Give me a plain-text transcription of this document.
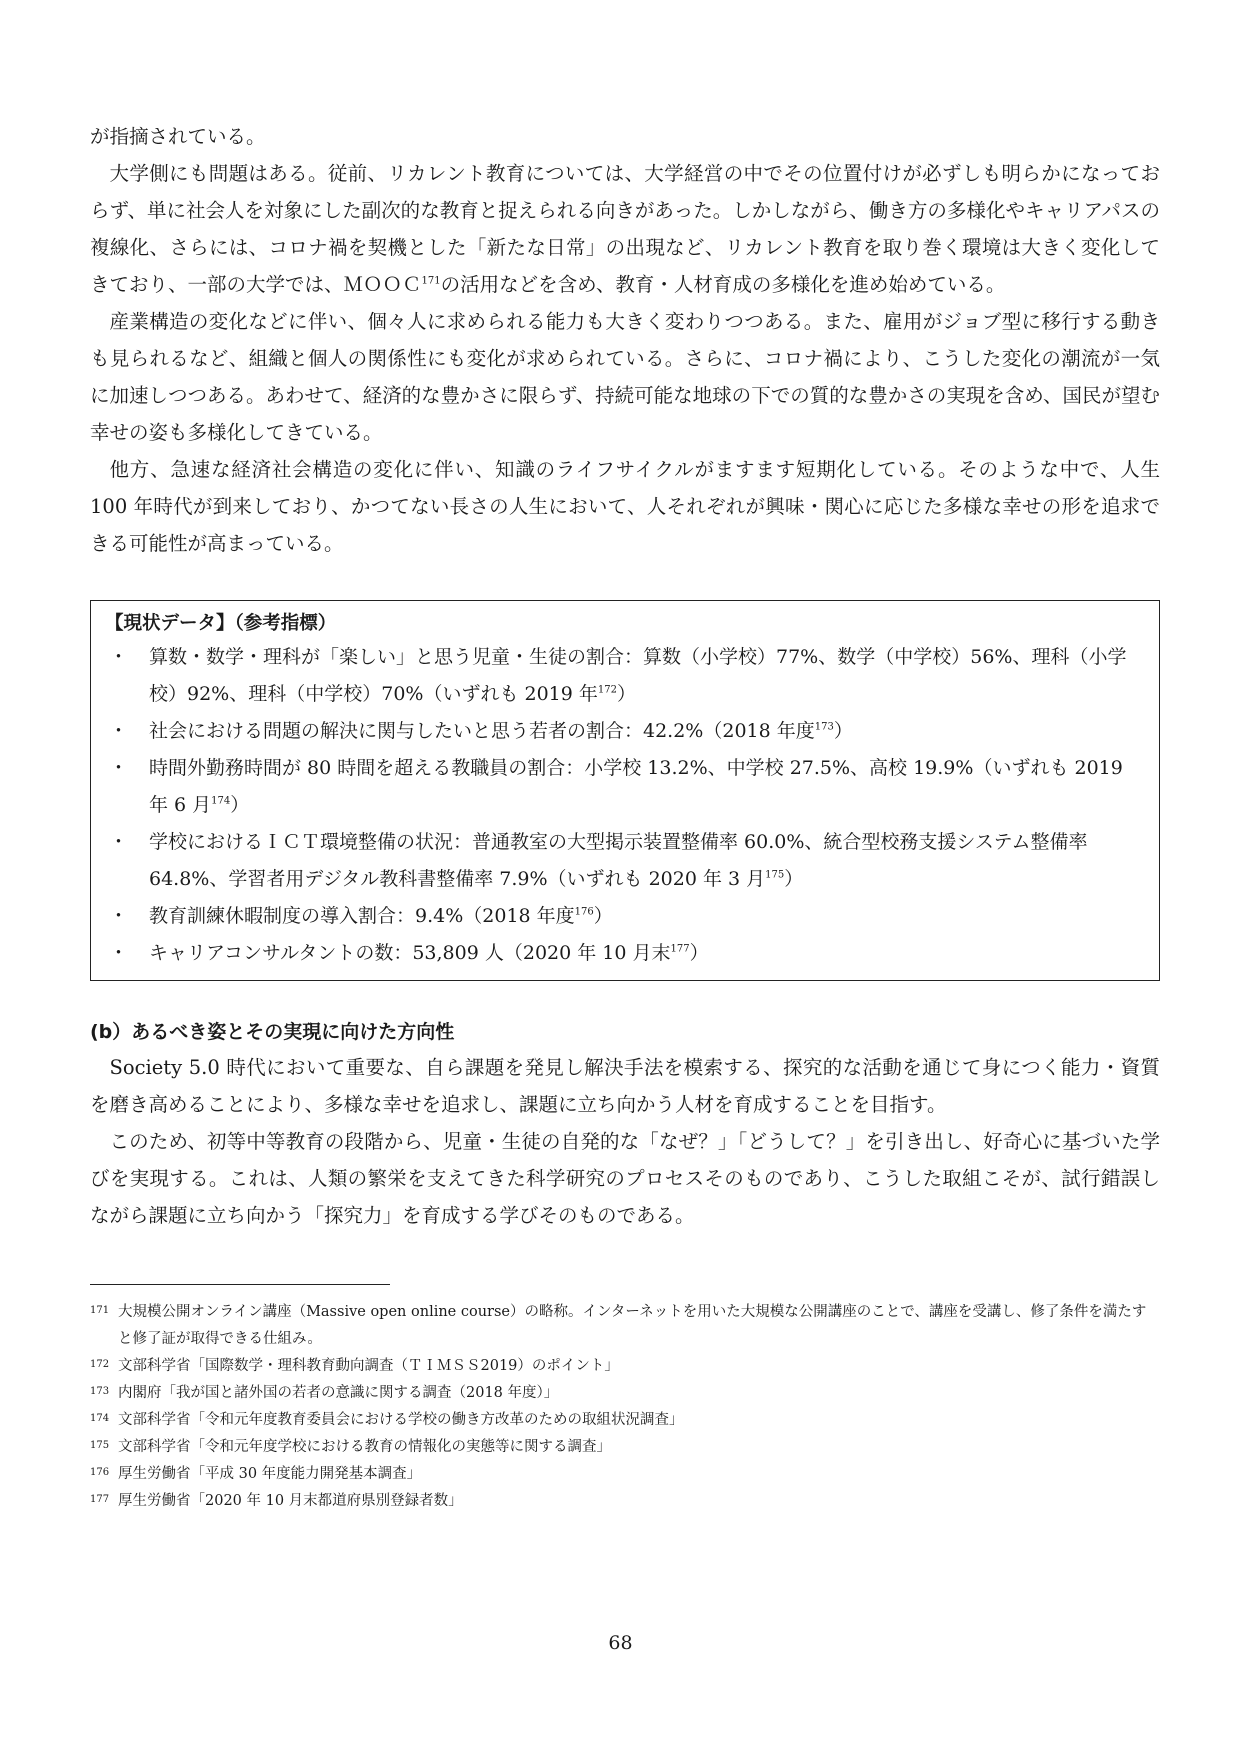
が指摘されている。

大学側にも問題はある。従前、リカレント教育については、大学経営の中でその位置付けが必ずしも明らかになっておらず、単に社会人を対象にした副次的な教育と捉えられる向きがあった。しかしながら、働き方の多様化やキャリアパスの複線化、さらには、コロナ禍を契機とした「新たな日常」の出現など、リカレント教育を取り巻く環境は大きく変化してきており、一部の大学では、ＭＯＯＣ$^{171}$の活用などを含め、教育・人材育成の多様化を進め始めている。

産業構造の変化などに伴い、個々人に求められる能力も大きく変わりつつある。また、雇用がジョブ型に移行する動きも見られるなど、組織と個人の関係性にも変化が求められている。さらに、コロナ禍により、こうした変化の潮流が一気に加速しつつある。あわせて、経済的な豊かさに限らず、持続可能な地球の下での質的な豊かさの実現を含め、国民が望む幸せの姿も多様化してきている。

他方、急速な経済社会構造の変化に伴い、知識のライフサイクルがますます短期化している。そのような中で、人生 100 年時代が到来しており、かつてない長さの人生において、人それぞれが興味・関心に応じた多様な幸せの形を追求できる可能性が高まっている。

【現状データ】（参考指標）
・ 算数・数学・理科が「楽しい」と思う児童・生徒の割合：算数（小学校）77%、数学（中学校）56%、理科（小学校）92%、理科（中学校）70%（いずれも 2019 年$^{172}$）
・ 社会における問題の解決に関与したいと思う若者の割合：42.2%（2018 年度$^{173}$）
・ 時間外勤務時間が 80 時間を超える教職員の割合：小学校 13.2%、中学校 27.5%、高校 19.9%（いずれも 2019 年 6 月$^{174}$）
・ 学校におけるＩＣＴ環境整備の状況：普通教室の大型掲示装置整備率 60.0%、統合型校務支援システム整備率 64.8%、学習者用デジタル教科書整備率 7.9%（いずれも 2020 年 3 月$^{175}$）
・ 教育訓練休暇制度の導入割合：9.4%（2018 年度$^{176}$）
・ キャリアコンサルタントの数：53,809 人（2020 年 10 月末$^{177}$）
(b）あるべき姿とその実現に向けた方向性

Society 5.0 時代において重要な、自ら課題を発見し解決手法を模索する、探究的な活動を通じて身につく能力・資質を磨き高めることにより、多様な幸せを追求し、課題に立ち向かう人材を育成することを目指す。

このため、初等中等教育の段階から、児童・生徒の自発的な「なぜ？」「どうして？」を引き出し、好奇心に基づいた学びを実現する。これは、人類の繁栄を支えてきた科学研究のプロセスそのものであり、こうした取組こそが、試行錯誤しながら課題に立ち向かう「探究力」を育成する学びそのものである。

171 大規模公開オンライン講座（Massive open online course）の略称。インターネットを用いた大規模な公開講座のことで、講座を受講し、修了条件を満たすと修了証が取得できる仕組み。
172 文部科学省「国際数学・理科教育動向調査（ＴＩＭＳＳ2019）のポイント」
173 内閣府「我が国と諸外国の若者の意識に関する調査（2018 年度）」
174 文部科学省「令和元年度教育委員会における学校の働き方改革のための取組状況調査」
175 文部科学省「令和元年度学校における教育の情報化の実態等に関する調査」
176 厚生労働省「平成 30 年度能力開発基本調査」
177 厚生労働省「2020 年 10 月末都道府県別登録者数」
68
